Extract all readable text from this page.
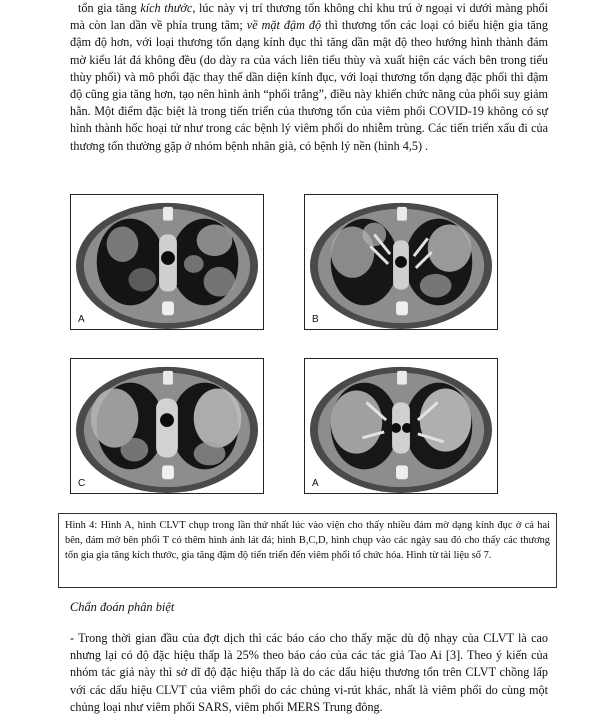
tổn gia tăng kích thước, lúc này vị trí thương tổn không chỉ khu trú ở ngoại vi dưới màng phổi mà còn lan dần về phía trung tâm; về mặt đậm độ thì thương tổn các loại có biểu hiện gia tăng đậm độ hơn, với loại thương tổn dạng kính đục thì tăng dần mật độ theo hướng hình thành đám mờ kiểu lát đá không đều (do dày ra của vách liên tiểu thùy và xuất hiện các vách bên trong tiểu thùy phổi) và mô phổi đặc thay thế dần diện kính đục, với loại thương tổn dạng đặc phổi thì đậm độ cũng gia tăng hơn, tạo nên hình ảnh “phổi trắng”, điều này khiến chức năng của phổi suy giảm hẳn. Một điểm đặc biệt là trong tiến triển của thương tổn của viêm phổi COVID-19 không có sự hình thành hốc hoại tử như trong các bệnh lý viêm phổi do nhiễm trùng. Các tiến triển xấu đi của thương tổn thường gặp ở nhóm bệnh nhân già, có bệnh lý nền (hình 4,5) .
A	B
C	A
Hình 4: Hình A, hình CLVT chụp trong lần thứ nhất lúc vào viện cho thấy nhiều đám mờ dạng kính đục ở cả hai bên, đám mờ bên phổi T có thêm hình ảnh lát đá; hình B,C,D, hình chụp vào các ngày sau đó cho thấy các thương tổn gia gia tăng kích thước, gia tăng đậm độ tiến triển đến viêm phổi tổ chức hóa. Hình từ tài liệu số 7.
Chẩn đoán phân biệt
- Trong thời gian đầu của đợt dịch thì các báo cáo cho thấy mặc dù độ nhạy của CLVT là cao nhưng lại có độ đặc hiệu thấp là 25% theo báo cáo của các tác giả Tao Ai [3]. Theo ý kiến của nhóm tác giả này thì sở dĩ độ đặc hiệu thấp là do các dấu hiệu thương tổn trên CLVT chồng lấp với các dấu hiệu CLVT của viêm phổi do các chủng vi-rút khác, nhất là viêm phổi do cùng một chủng loại như viêm phổi SARS, viêm phổi MERS Trung đông.
